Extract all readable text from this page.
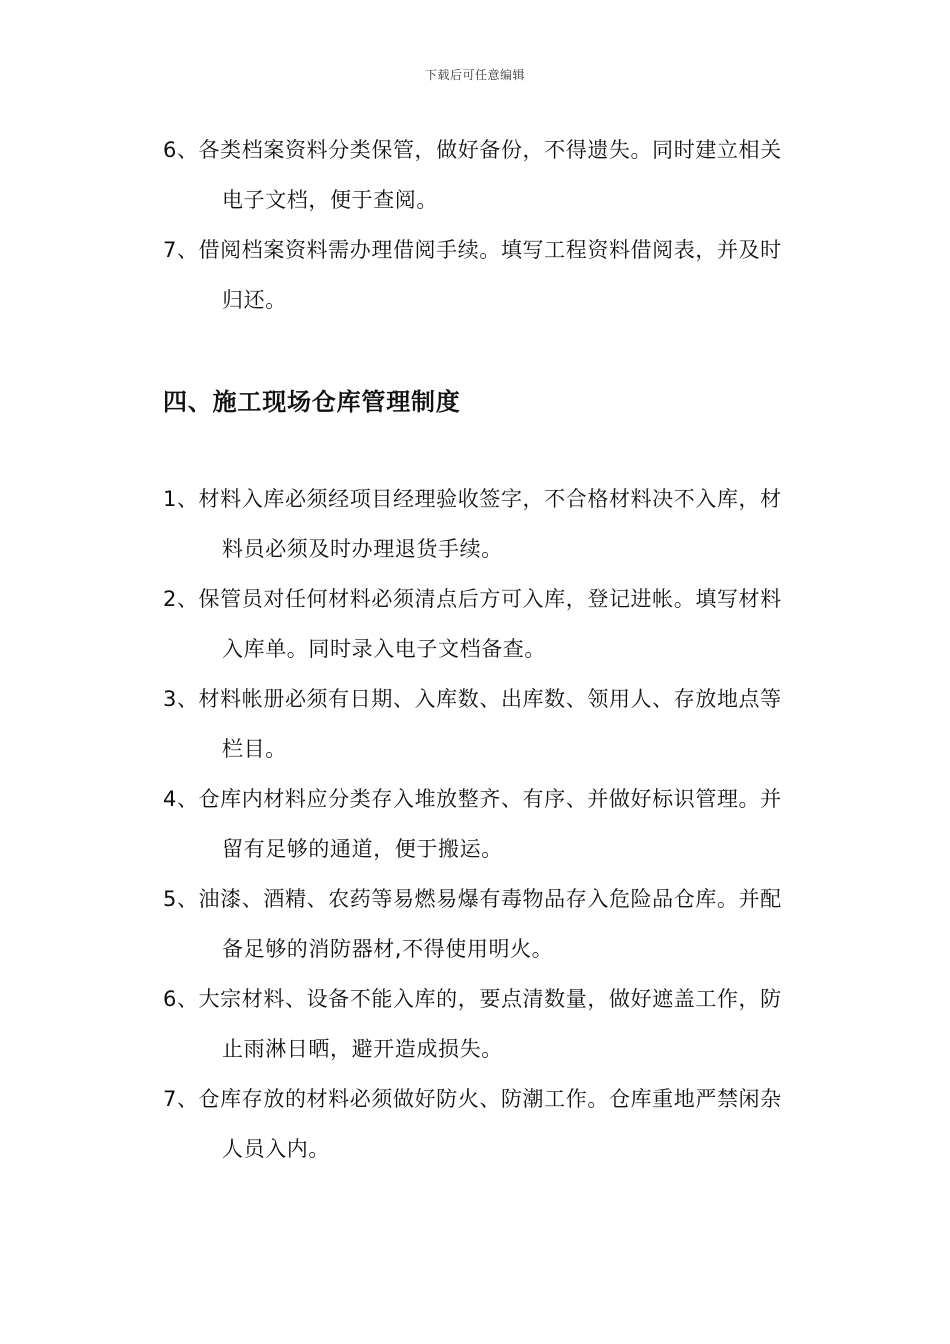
下载后可任意编辑
6、各类档案资料分类保管，做好备份，不得遗失。同时建立相关
电子文档，便于查阅。
7、借阅档案资料需办理借阅手续。填写工程资料借阅表，并及时
归还。
四、施工现场仓库管理制度
1、材料入库必须经项目经理验收签字，不合格材料决不入库，材
料员必须及时办理退货手续。
2、保管员对任何材料必须清点后方可入库，登记进帐。填写材料
入库单。同时录入电子文档备查。
3、材料帐册必须有日期、入库数、出库数、领用人、存放地点等
栏目。
4、仓库内材料应分类存入堆放整齐、有序、并做好标识管理。并
留有足够的通道，便于搬运。
5、油漆、酒精、农药等易燃易爆有毒物品存入危险品仓库。并配
备足够的消防器材,不得使用明火。
6、大宗材料、设备不能入库的，要点清数量，做好遮盖工作，防
止雨淋日晒，避开造成损失。
7、仓库存放的材料必须做好防火、防潮工作。仓库重地严禁闲杂
人员入内。
